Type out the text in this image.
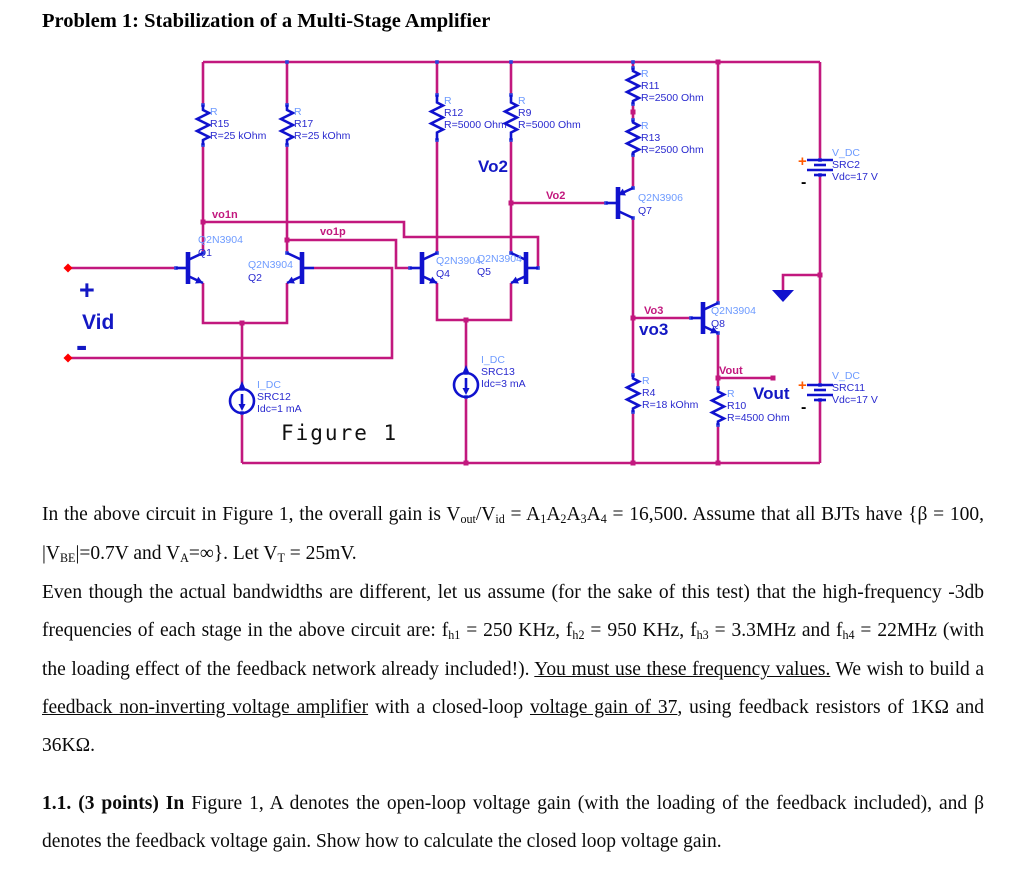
Problem 1: Stabilization of a Multi-Stage Amplifier
R
R15
R=25 kOhm
R
R17
R=25 kOhm
R
R12
R=5000 Ohm
R
R9
R=5000 Ohm
R
R11
R=2500 Ohm
R
R13
R=2500 Ohm
R
R4
R=18 kOhm
R
R10
R=4500 Ohm
Q2N3904
Q1
Q2N3904
Q2
Q2N3904
Q4
Q2N3904
Q5
Q2N3906
Q7
Q2N3904
Q8
I_DC
SRC12
Idc=1 mA
I_DC
SRC13
Idc=3 mA
V_DC
SRC2
Vdc=17 V
V_DC
SRC11
Vdc=17 V
vo1n
vo1p
Vo2
Vo3
Vout
Vo2
vo3
Vout
Vid
+
-
+
-
+
-
Figure 1

In the above circuit in Figure 1, the overall gain is Vout/Vid = A1A2A3A4 = 16,500. Assume that all BJTs have {β = 100, |VBE|=0.7V and VA=∞}. Let VT = 25mV.

Even though the actual bandwidths are different, let us assume (for the sake of this test) that the high-frequency -3db frequencies of each stage in the above circuit are: fh1 = 250 KHz, fh2 = 950 KHz, fh3 = 3.3MHz and fh4 = 22MHz (with the loading effect of the feedback network already included!). You must use these frequency values. We wish to build a feedback non-inverting voltage amplifier with a closed-loop voltage gain of 37, using feedback resistors of 1KΩ and 36KΩ.

1.1. (3 points) In Figure 1, A denotes the open-loop voltage gain (with the loading of the feedback included), and β denotes the feedback voltage gain. Show how to calculate the closed loop voltage gain.
